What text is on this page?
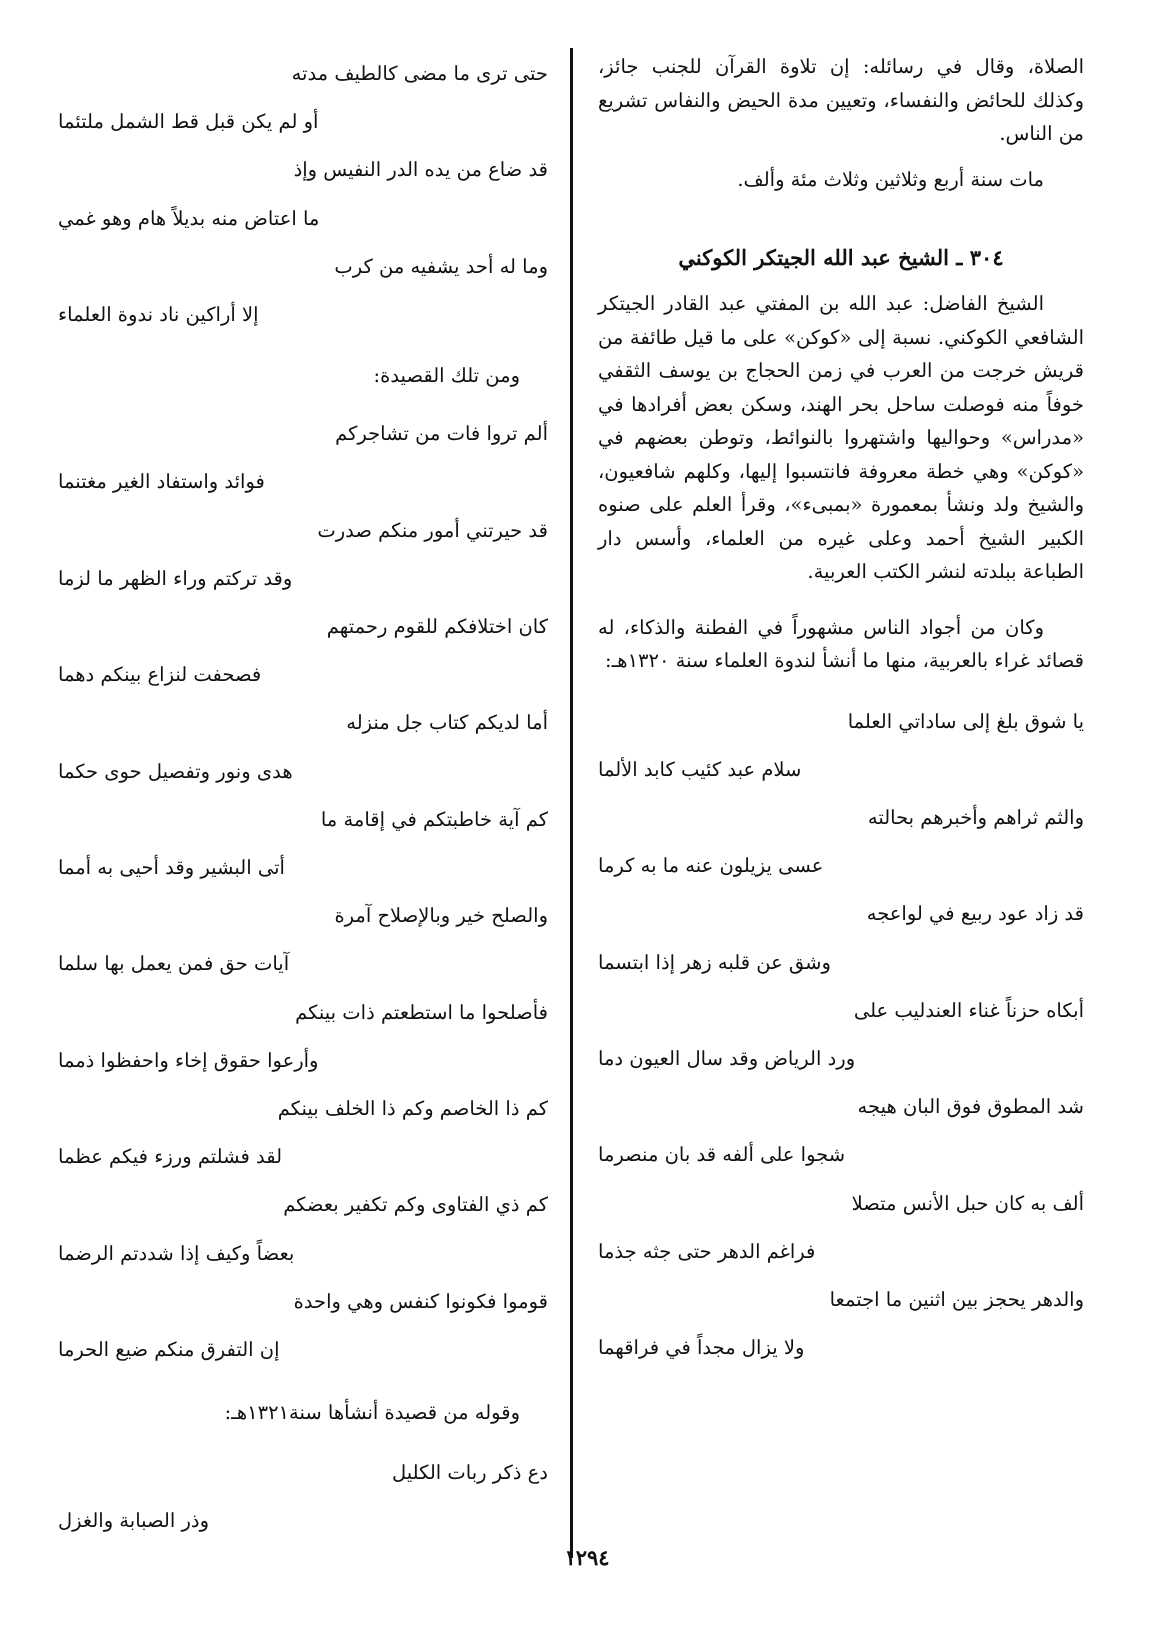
الصلاة، وقال في رسائله: إن تلاوة القرآن للجنب جائز، وكذلك للحائض والنفساء، وتعيين مدة الحيض والنفاس تشريع من الناس.

مات سنة أربع وثلاثين وثلاث مئة وألف.

٣٠٤ ـ الشيخ عبد الله الجيتكر الكوكني

الشيخ الفاضل: عبد الله بن المفتي عبد القادر الجيتكر الشافعي الكوكني. نسبة إلى «كوكن» على ما قيل طائفة من قريش خرجت من العرب في زمن الحجاج بن يوسف الثقفي خوفاً منه فوصلت ساحل بحر الهند، وسكن بعض أفرادها في «مدراس» وحواليها واشتهروا بالنوائط، وتوطن بعضهم في «كوكن» وهي خطة معروفة فانتسبوا إليها، وكلهم شافعيون، والشيخ ولد ونشأ بمعمورة «بمبىء»، وقرأ العلم على صنوه الكبير الشيخ أحمد وعلى غيره من العلماء، وأسس دار الطباعة ببلدته لنشر الكتب العربية.

وكان من أجواد الناس مشهوراً في الفطنة والذكاء، له قصائد غراء بالعربية، منها ما أنشأ لندوة العلماء سنة ١٣٢٠هـ:

يا شوق بلغ إلى ساداتي العلما
سلام عبد كئيب كابد الألما
والثم ثراهم وأخبرهم بحالته
عسى يزيلون عنه ما به كرما
قد زاد عود ربيع في لواعجه
وشق عن قلبه زهر إذا ابتسما
أبكاه حزناً غناء العندليب على
ورد الرياض وقد سال العيون دما
شد المطوق فوق البان هيجه
شجوا على ألفه قد بان منصرما
ألف به كان حبل الأنس متصلا
فراغم الدهر حتى جثه جذما
والدهر يحجز بين اثنين ما اجتمعا
ولا يزال مجداً في فراقهما
حتى ترى ما مضى كالطيف مدته
أو لم يكن قبل قط الشمل ملتئما
قد ضاع من يده الدر النفيس وإذ
ما اعتاض منه بديلاً هام وهو غمي
وما له أحد يشفيه من كرب
إلا أراكين ناد ندوة العلماء

ومن تلك القصيدة:

ألم تروا فات من تشاجركم
فوائد واستفاد الغير مغتنما
قد حيرتني أمور منكم صدرت
وقد تركتم وراء الظهر ما لزما
كان اختلافكم للقوم رحمتهم
فصحفت لنزاع بينكم دهما
أما لديكم كتاب جل منزله
هدى ونور وتفصيل حوى حكما
كم آية خاطبتكم في إقامة ما
أتى البشير وقد أحيى به أمما
والصلح خير وبالإصلاح آمرة
آيات حق فمن يعمل بها سلما
فأصلحوا ما استطعتم ذات بينكم
وأرعوا حقوق إخاء واحفظوا ذمما
كم ذا الخاصم وكم ذا الخلف بينكم
لقد فشلتم ورزء فيكم عظما
كم ذي الفتاوى وكم تكفير بعضكم
بعضاً وكيف إذا شددتم الرضما
قوموا فكونوا كنفس وهي واحدة
إن التفرق منكم ضيع الحرما

وقوله من قصيدة أنشأها سنة١٣٢١هـ:

دع ذكر ربات الكليل
وذر الصبابة والغزل
١٢٩٤
